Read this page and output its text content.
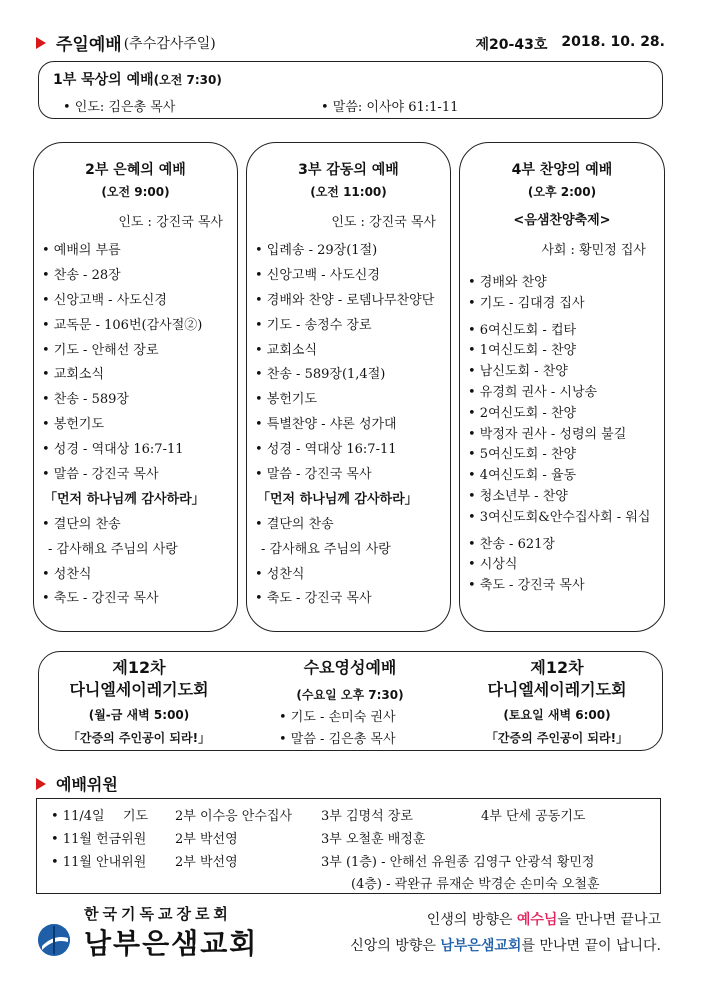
주일예배 (추수감사주일)	제20-43호 2018. 10. 28.
1부 묵상의 예배(오전 7:30)
• 인도: 김은총 목사	• 말씀: 이사야 61:1-11
2부 은혜의 예배
(오전 9:00)
인도 : 강진국 목사
• 예배의 부름
• 찬송 - 28장
• 신앙고백 - 사도신경
• 교독문 - 106번(감사절②)
• 기도 - 안해선 장로
• 교회소식
• 찬송 - 589장
• 봉헌기도
• 성경 - 역대상 16:7-11
• 말씀 - 강진국 목사
「먼저 하나님께 감사하라」
• 결단의 찬송
- 감사해요 주님의 사랑
• 성찬식
• 축도 - 강진국 목사
3부 감동의 예배
(오전 11:00)
인도 : 강진국 목사
• 입례송 - 29장(1절)
• 신앙고백 - 사도신경
• 경배와 찬양 - 로뎀나무찬양단
• 기도 - 송정수 장로
• 교회소식
• 찬송 - 589장(1,4절)
• 봉헌기도
• 특별찬양 - 샤론 성가대
• 성경 - 역대상 16:7-11
• 말씀 - 강진국 목사
「먼저 하나님께 감사하라」
• 결단의 찬송
- 감사해요 주님의 사랑
• 성찬식
• 축도 - 강진국 목사
4부 찬양의 예배
(오후 2:00)
<음샘찬양축제>
사회 : 황민정 집사
• 경배와 찬양
• 기도 - 김대경 집사
• 6여신도회 - 컵타
• 1여신도회 - 찬양
• 남신도회 - 찬양
• 유경희 권사 - 시낭송
• 2여신도회 - 찬양
• 박정자 권사 - 성령의 불길
• 5여신도회 - 찬양
• 4여신도회 - 율동
• 청소년부 - 찬양
• 3여신도회&안수집사회 - 워십
• 찬송 - 621장
• 시상식
• 축도 - 강진국 목사
제12차
다니엘세이레기도회
(월-금 새벽 5:00)
「간증의 주인공이 되라!」
수요영성예배
(수요일 오후 7:30)
• 기도 - 손미숙 권사
• 말씀 - 김은총 목사
제12차
다니엘세이레기도회
(토요일 새벽 6:00)
「간증의 주인공이 되라!」
예배위원
• 11/4일 기도 2부 이수응 안수집사 3부 김명석 장로	4부 단세 공동기도
• 11월 헌금위원 2부 박선영	3부 오철훈 배정훈
• 11월 안내위원 2부 박선영	3부 (1층) - 안해선 유원종 김영구 안광석 황민정
(4층) - 곽완규 류재순 박경순 손미숙 오철훈
한국기독교장로회
남부은샘교회
인생의 방향은 예수님을 만나면 끝나고
신앙의 방향은 남부은샘교회를 만나면 끝이 납니다.
